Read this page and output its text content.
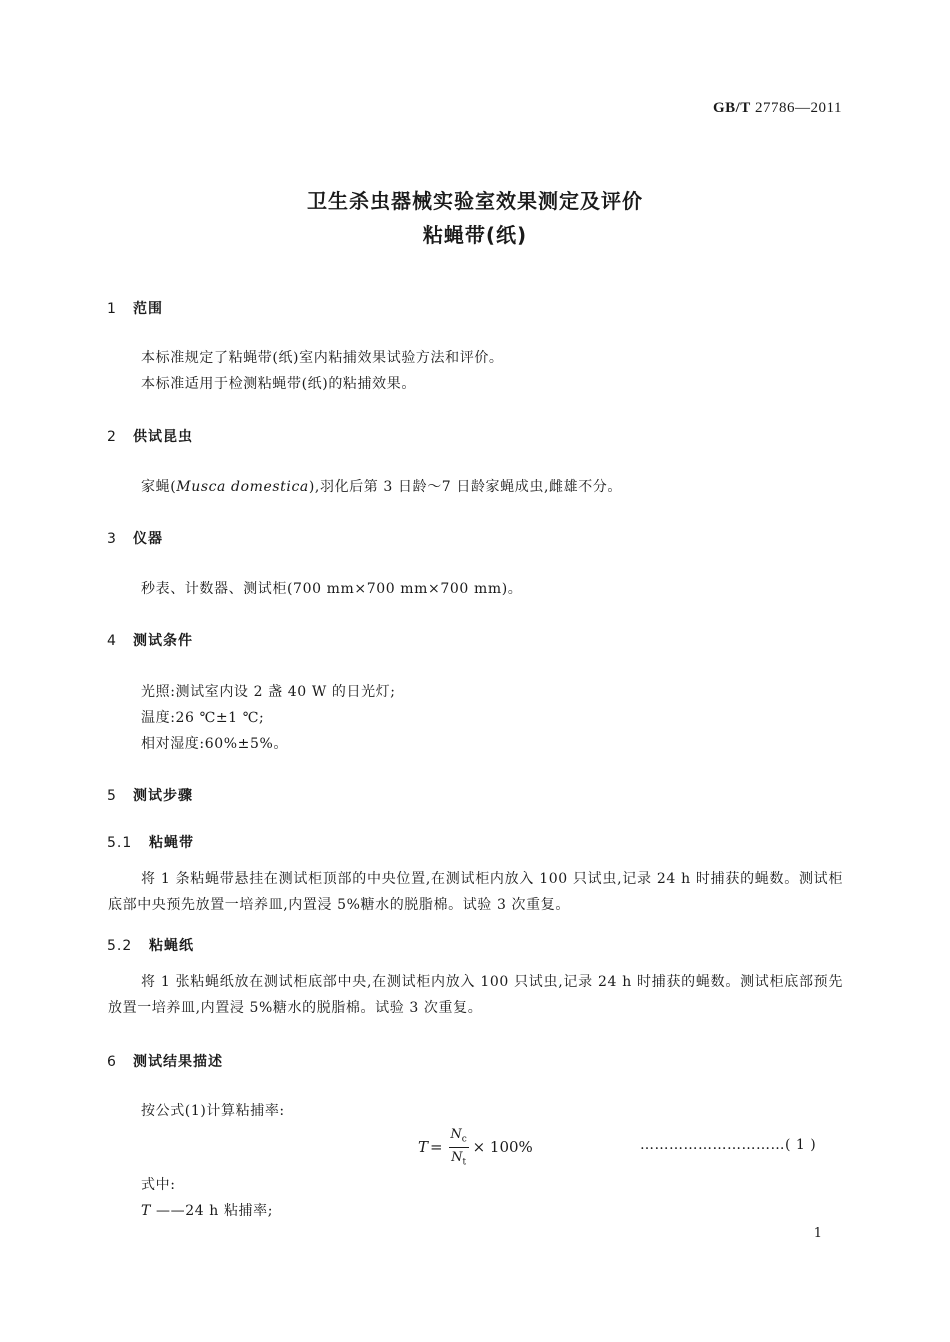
GB/T 27786—2011
卫生杀虫器械实验室效果测定及评价
粘蝇带(纸)
1 范围
本标准规定了粘蝇带(纸)室内粘捕效果试验方法和评价。
本标准适用于检测粘蝇带(纸)的粘捕效果。
2 供试昆虫
家蝇(Musca domestica),羽化后第 3 日龄～7 日龄家蝇成虫,雌雄不分。
3 仪器
秒表、计数器、测试柜(700 mm×700 mm×700 mm)。
4 测试条件
光照:测试室内设 2 盏 40 W 的日光灯;
温度:26 ℃±1 ℃;
相对湿度:60%±5%。
5 测试步骤
5.1 粘蝇带
将 1 条粘蝇带悬挂在测试柜顶部的中央位置,在测试柜内放入 100 只试虫,记录 24 h 时捕获的蝇数。测试柜底部中央预先放置一培养皿,内置浸 5%糖水的脱脂棉。试验 3 次重复。
5.2 粘蝇纸
将 1 张粘蝇纸放在测试柜底部中央,在测试柜内放入 100 只试虫,记录 24 h 时捕获的蝇数。测试柜底部预先放置一培养皿,内置浸 5%糖水的脱脂棉。试验 3 次重复。
6 测试结果描述
按公式(1)计算粘捕率:
$T = \frac{N_c}{N_t} \times 100\%$	…………………………( 1 )
式中:
T ——24 h 粘捕率;
1
